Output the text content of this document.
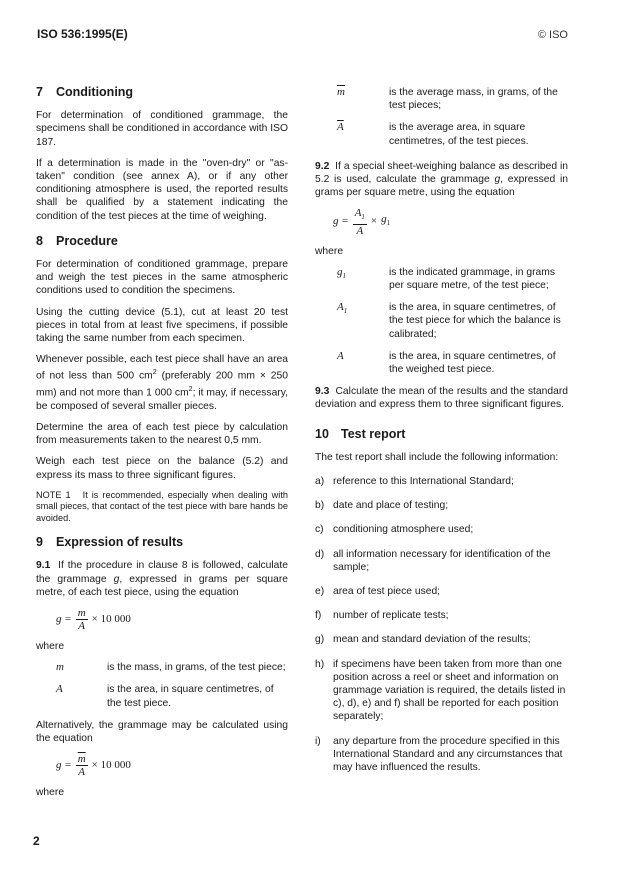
ISO 536:1995(E)	© ISO
7	Conditioning

For determination of conditioned grammage, the specimens shall be conditioned in accordance with ISO 187.

If a determination is made in the "oven-dry" or "as-taken" condition (see annex A), or if any other conditioning atmosphere is used, the reported results shall be qualified by a statement indicating the condition of the test pieces at the time of weighing.

8	Procedure

For determination of conditioned grammage, prepare and weigh the test pieces in the same atmospheric conditions used to condition the specimens.

Using the cutting device (5.1), cut at least 20 test pieces in total from at least five specimens, if possible taking the same number from each specimen.

Whenever possible, each test piece shall have an area of not less than 500 $cm^2$ (preferably 200 mm × 250 mm) and not more than 1 000 $cm^2$; it may, if necessary, be composed of several smaller pieces.

Determine the area of each test piece by calculation from measurements taken to the nearest 0,5 mm.

Weigh each test piece on the balance (5.2) and express its mass to three significant figures.

NOTE 1 It is recommended, especially when dealing with small pieces, that contact of the test piece with bare hands be avoided.

9	Expression of results

9.1 If the procedure in clause 8 is followed, calculate the grammage g, expressed in grams per square metre, of each test piece, using the equation

$g = \frac{m}{A} \times 10$ 000

where

m	is the mass, in grams, of the test piece;
A	is the area, in square centimetres, of the test piece.

Alternatively, the grammage may be calculated using the equation

$g = \frac{\overline{m}}{A} \times 10$ 000

where

$\overline{m}$	is the average mass, in grams, of the test pieces;
$\overline{A}$	is the average area, in square centimetres, of the test pieces.

9.2 If a special sheet-weighing balance as described in 5.2 is used, calculate the grammage g, expressed in grams per square metre, using the equation

$g = \frac{A_1}{A} \times g_1$

where

$g_1$	is the indicated grammage, in grams per square metre, of the test piece;
$A_1$	is the area, in square centimetres, of the test piece for which the balance is calibrated;
A	is the area, in square centimetres, of the weighed test piece.

9.3 Calculate the mean of the results and the standard deviation and express them to three significant figures.

10 Test report

The test report shall include the following information:

a) reference to this International Standard;
b) date and place of testing;
c) conditioning atmosphere used;
d) all information necessary for identification of the sample;
e) area of test piece used;
f)	number of replicate tests;
g) mean and standard deviation of the results;
h) if specimens have been taken from more than one position across a reel or sheet and information on grammage variation is required, the details listed in c), d), e) and f) shall be reported for each position separately;
i)	any departure from the procedure specified in this International Standard and any circumstances that may have influenced the results.
2
